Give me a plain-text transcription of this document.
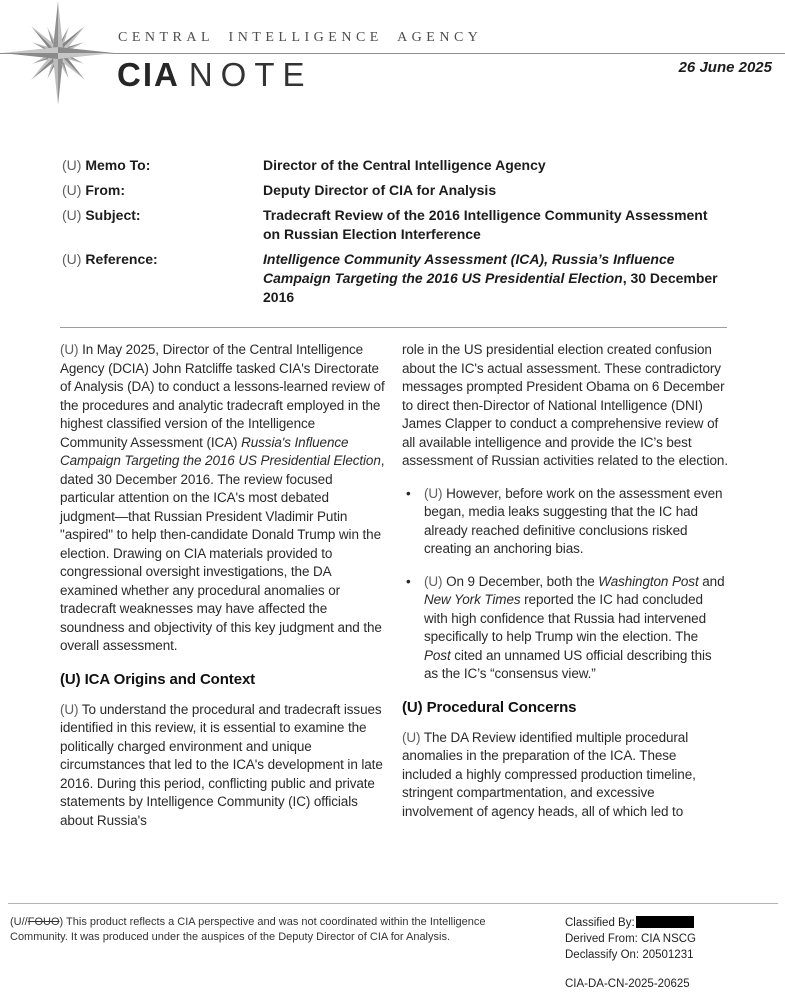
CENTRAL INTELLIGENCE AGENCY
CIA NOTE	26 June 2025
(U) Memo To:	Director of the Central Intelligence Agency
(U) From:	Deputy Director of CIA for Analysis
(U) Subject:	Tradecraft Review of the 2016 Intelligence Community Assessment on Russian Election Interference
(U) Reference:	Intelligence Community Assessment (ICA), Russia’s Influence Campaign Targeting the 2016 US Presidential Election, 30 December 2016

(U) In May 2025, Director of the Central Intelligence Agency (DCIA) John Ratcliffe tasked CIA's Directorate of Analysis (DA) to conduct a lessons-learned review of the procedures and analytic tradecraft employed in the highest classified version of the Intelligence Community Assessment (ICA) Russia's Influence Campaign Targeting the 2016 US Presidential Election, dated 30 December 2016. The review focused particular attention on the ICA's most debated judgment—that Russian President Vladimir Putin "aspired" to help then-candidate Donald Trump win the election. Drawing on CIA materials provided to congressional oversight investigations, the DA examined whether any procedural anomalies or tradecraft weaknesses may have affected the soundness and objectivity of this key judgment and the overall assessment.

(U) ICA Origins and Context

(U) To understand the procedural and tradecraft issues identified in this review, it is essential to examine the politically charged environment and unique circumstances that led to the ICA's development in late 2016. During this period, conflicting public and private statements by Intelligence Community (IC) officials about Russia's

role in the US presidential election created confusion about the IC's actual assessment. These contradictory messages prompted President Obama on 6 December to direct then-Director of National Intelligence (DNI) James Clapper to conduct a comprehensive review of all available intelligence and provide the IC’s best assessment of Russian activities related to the election.

• (U) However, before work on the assessment even began, media leaks suggesting that the IC had already reached definitive conclusions risked creating an anchoring bias.
• (U) On 9 December, both the Washington Post and New York Times reported the IC had concluded with high confidence that Russia had intervened specifically to help Trump win the election. The Post cited an unnamed US official describing this as the IC’s “consensus view.”
(U) Procedural Concerns

(U) The DA Review identified multiple procedural anomalies in the preparation of the ICA. These included a highly compressed production timeline, stringent compartmentation, and excessive involvement of agency heads, all of which led to

(U//FOUO) This product reflects a CIA perspective and was not coordinated within the Intelligence Community. It was produced under the auspices of the Deputy Director of CIA for Analysis.
Classified By:
Derived From: CIA NSCG
Declassify On: 20501231
CIA-DA-CN-2025-20625
